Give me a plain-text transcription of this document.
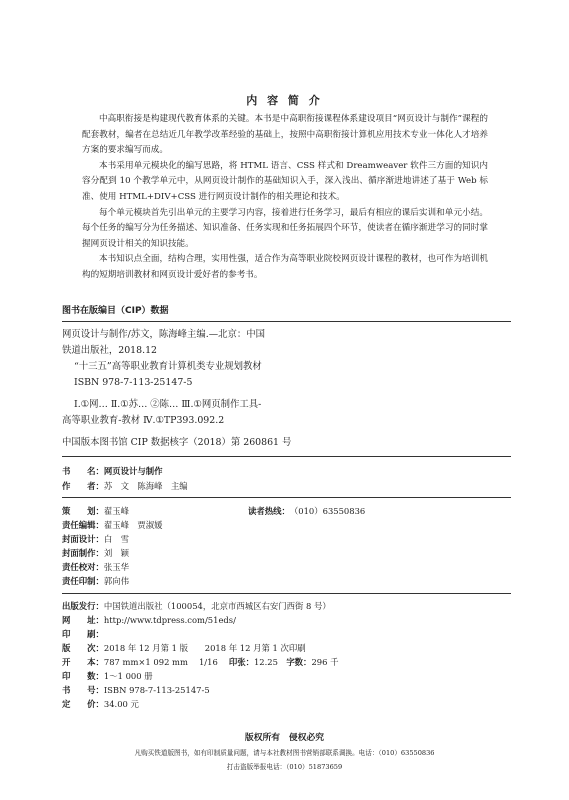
内 容 简 介

中高职衔接是构建现代教育体系的关键。本书是中高职衔接课程体系建设项目“网页设计与制作”课程的配套教材，编者在总结近几年教学改革经验的基础上，按照中高职衔接计算机应用技术专业一体化人才培养方案的要求编写而成。

本书采用单元模块化的编写思路，将 HTML 语言、CSS 样式和 Dreamweaver 软件三方面的知识内容分配到 10 个教学单元中，从网页设计制作的基础知识入手，深入浅出、循序渐进地讲述了基于 Web 标准、使用 HTML+DIV+CSS 进行网页设计制作的相关理论和技术。

每个单元模块首先引出单元的主要学习内容，接着进行任务学习，最后有相应的课后实训和单元小结。每个任务的编写分为任务描述、知识准备、任务实现和任务拓展四个环节，使读者在循序渐进学习的同时掌握网页设计相关的知识技能。

本书知识点全面，结构合理，实用性强，适合作为高等职业院校网页设计课程的教材，也可作为培训机构的短期培训教材和网页设计爱好者的参考书。

图书在版编目（CIP）数据
网页设计与制作/苏文，陈海峰主编.—北京：中国
铁道出版社，2018.12
“十三五”高等职业教育计算机类专业规划教材
ISBN 978-7-113-25147-5
Ⅰ.①网… Ⅱ.①苏… ②陈… Ⅲ.①网页制作工具-
高等职业教育-教材 Ⅳ.①TP393.092.2
中国版本图书馆 CIP 数据核字（2018）第 260861 号
书　　名：网页设计与制作
作　　者：苏　文　陈海峰　主编
策　　划：翟玉峰	读者热线：（010）63550836
责任编辑：翟玉峰　贾淑媛
封面设计：白　雪
封面制作：刘　颖
责任校对：张玉华
责任印制：郭向伟
出版发行：中国铁道出版社（100054，北京市西城区右安门西街 8 号）
网　　址：http://www.tdpress.com/51eds/
印　　刷：
版　　次：2018 年 12 月第 1 版　　2018 年 12 月第 1 次印刷
开　　本：787 mm×1 092 mm　 1/16　 印张：12.25　字数：296 千
印　　数：1～1 000 册
书　　号：ISBN 978-7-113-25147-5
定　　价：34.00 元
版权所有　侵权必究
凡购买铁道版图书，如有印制质量问题，请与本社教材图书营销部联系调换。电话：（010）63550836
打击盗版举报电话：（010）51873659
